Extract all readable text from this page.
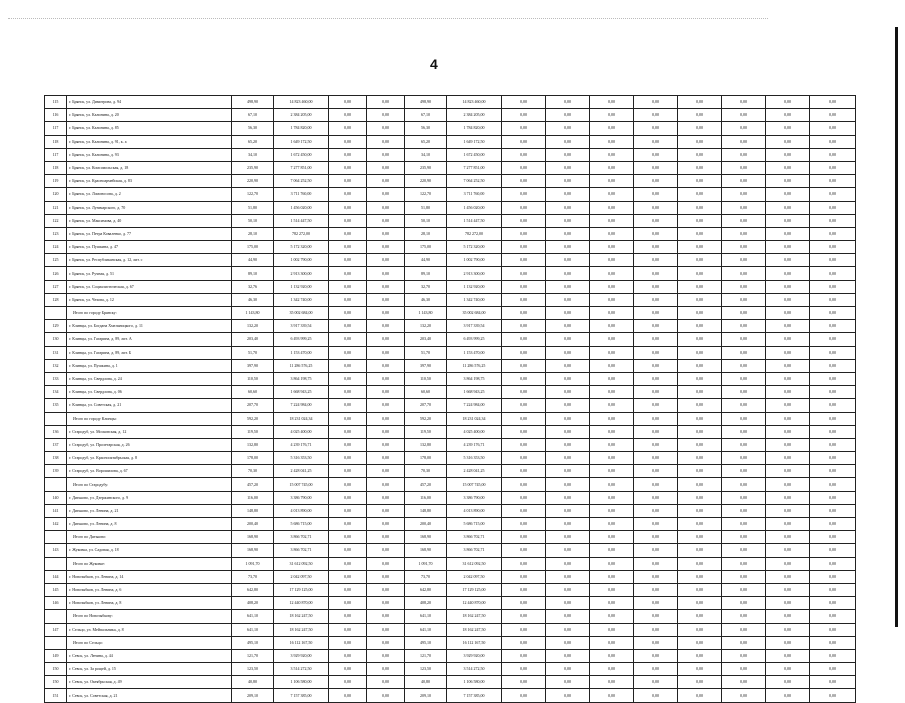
4
115	г. Брянск, ул. Димитрова, д. 94	498,90	14 823 460,00	0,00	0,00	498,90	14 823 460,00	0,00	0,00	0,00	0,00	0,00	0,00	0,00	0,00
116	г. Брянск, ул. Калинина, д. 20	67,10	2 384 205,00	0,00	0,00	67,10	2 384 205,00	0,00	0,00	0,00	0,00	0,00	0,00	0,00	0,00
117	г. Брянск, ул. Калинина, д. 85	56,30	1 784 820,00	0,00	0,00	56,30	1 784 820,00	0,00	0,00	0,00	0,00	0,00	0,00	0,00	0,00
118	г. Брянск, ул. Калинина, д. 91, к. а	65,20	1 649 172,50	0,00	0,00	65,20	1 649 172,50	0,00	0,00	0,00	0,00	0,00	0,00	0,00	0,00
117	г. Брянск, ул. Калинина, д. 93	34,10	1 672 450,00	0,00	0,00	34,10	1 672 450,00	0,00	0,00	0,00	0,00	0,00	0,00	0,00	0,00
118	г. Брянск, ул. Комсомольская, д. 18	235,90	7 277 851,00	0,00	0,00	235,90	7 277 851,00	0,00	0,00	0,00	0,00	0,00	0,00	0,00	0,00
119	г. Брянск, ул. Красноармейская, д. 83	220,90	7 064 252,50	0,00	0,00	220,90	7 064 252,50	0,00	0,00	0,00	0,00	0,00	0,00	0,00	0,00
120	г. Брянск, ул. Ломоносова, д. 2	122,70	3 711 760,00	0,00	0,00	122,70	3 711 760,00	0,00	0,00	0,00	0,00	0,00	0,00	0,00	0,00
121	г. Брянск, ул. Луначарского, д. 70	51,80	1 456 020,00	0,00	0,00	51,80	1 456 020,00	0,00	0,00	0,00	0,00	0,00	0,00	0,00	0,00
122	г. Брянск, ул. Максимова, д. 40	50,10	1 514 447,50	0,00	0,00	50,10	1 514 447,50	0,00	0,00	0,00	0,00	0,00	0,00	0,00	0,00
123	г. Брянск, ул. Петра Коваленко, д. 77	28,10	782 272,00	0,00	0,00	28,10	782 272,00	0,00	0,00	0,00	0,00	0,00	0,00	0,00	0,00
124	г. Брянск, ул. Пушкина, д. 47	175,00	5 172 320,00	0,00	0,00	175,00	5 172 320,00	0,00	0,00	0,00	0,00	0,00	0,00	0,00	0,00
125	г. Брянск, ул. Республиканская, д. 12, лит. с	44,90	1 002 790,00	0,00	0,00	44,90	1 002 790,00	0,00	0,00	0,00	0,00	0,00	0,00	0,00	0,00
126	г. Брянск, ул. Ручная, д. 51	89,10	2 913 300,00	0,00	0,00	89,10	2 913 300,00	0,00	0,00	0,00	0,00	0,00	0,00	0,00	0,00
127	г. Брянск, ул. Социалистическая, д. 67	32,76	1 132 920,00	0,00	0,00	32,70	1 132 920,00	0,00	0,00	0,00	0,00	0,00	0,00	0,00	0,00
128	г. Брянск, ул. Чехова, д. 12	46,30	1 342 740,00	0,00	0,00	46,30	1 342 740,00	0,00	0,00	0,00	0,00	0,00	0,00	0,00	0,00
	Итого по городу Брянску:	1 143,80	35 002 684,00	0,00	0,00	1 143,80	35 002 684,00	0,00	0,00	0,00	0,00	0,00	0,00	0,00	0,00
129	г. Клинцы, ул. Богдана Хмельницкого, д. 11	132,20	3 917 339,54	0,00	0,00	132,20	3 917 339,54	0,00	0,00	0,00	0,00	0,00	0,00	0,00	0,00
130	г. Клинцы, ул. Гагарина, д. 89, лит. А	203,40	6 493 999,25	0,00	0,00	203,40	6 493 999,25	0,00	0,00	0,00	0,00	0,00	0,00	0,00	0,00
131	г. Клинцы, ул. Гагарина, д. 89, лит. Б	51,70	1 153 470,00	0,00	0,00	51,70	1 153 470,00	0,00	0,00	0,00	0,00	0,00	0,00	0,00	0,00
132	г. Клинцы, ул. Пушкина, д. 1	397,90	11 286 576,25	0,00	0,00	397,90	11 286 576,25	0,00	0,00	0,00	0,00	0,00	0,00	0,00	0,00
133	г. Клинцы, ул. Свердлова, д. 24	110,50	3 864 198,75	0,00	0,00	110,50	3 864 198,75	0,00	0,00	0,00	0,00	0,00	0,00	0,00	0,00
134	г. Клинцы, ул. Свердлова, д. 06	60,60	1 668 943,25	0,00	0,00	60,60	1 668 943,25	0,00	0,00	0,00	0,00	0,00	0,00	0,00	0,00
135	г. Клинцы, ул. Советская, д. 21	207,70	7 224 984,00	0,00	0,00	207,70	7 224 984,00	0,00	0,00	0,00	0,00	0,00	0,00	0,00	0,00
	Итого по городу Клинцы:	592,20	18 231 024,34	0,00	0,00	592,20	18 231 024,34	0,00	0,00	0,00	0,00	0,00	0,00	0,00	0,00
136	г. Стародуб, ул. Московская, д. 12	119,50	4 025 400,00	0,00	0,00	119,50	4 025 400,00	0,00	0,00	0,00	0,00	0,00	0,00	0,00	0,00
137	г. Стародуб, ул. Пролетарская, д. 26	132,80	4 239 176,71	0,00	0,00	132,80	4 239 176,71	0,00	0,00	0,00	0,00	0,00	0,00	0,00	0,00
138	г. Стародуб, ул. Краснооктябрьская, д. 8	178,00	5 316 353,50	0,00	0,00	178,00	5 316 353,50	0,00	0,00	0,00	0,00	0,00	0,00	0,00	0,00
139	г. Стародуб, ул. Ворошилова, д. 67	70,30	2 428 041,25	0,00	0,00	70,30	2 428 041,25	0,00	0,00	0,00	0,00	0,00	0,00	0,00	0,00
	Итого по Стародубу:	457,20	15 007 745,00	0,00	0,00	457,20	15 007 745,00	0,00	0,00	0,00	0,00	0,00	0,00	0,00	0,00
140	г. Дятьково, ул. Дзержинского, д. 9	116,00	3 386 790,00	0,00	0,00	116,00	3 386 790,00	0,00	0,00	0,00	0,00	0,00	0,00	0,00	0,00
141	г. Дятьково, ул. Ленина, д. 21	148,80	4 013 890,00	0,00	0,00	148,80	4 013 890,00	0,00	0,00	0,00	0,00	0,00	0,00	0,00	0,00
142	г. Дятьково, ул. Ленина, д. 8	200,40	5 686 715,00	0,00	0,00	200,40	5 686 715,00	0,00	0,00	0,00	0,00	0,00	0,00	0,00	0,00
	Итого по Дятьково:	168,90	3 866 702,71	0,00	0,00	168,90	3 866 702,71	0,00	0,00	0,00	0,00	0,00	0,00	0,00	0,00
143	г. Жуковка, ул. Садовая, д. 18	168,90	3 866 702,71	0,00	0,00	168,90	3 866 702,71	0,00	0,00	0,00	0,00	0,00	0,00	0,00	0,00
	Итого по Жуковке:	1 091,70	31 612 092,50	0,00	0,00	1 091,70	31 612 092,50	0,00	0,00	0,00	0,00	0,00	0,00	0,00	0,00
144	г. Новозыбков, ул. Ленина, д. 14	73,70	2 042 097,50	0,00	0,00	73,70	2 042 097,50	0,00	0,00	0,00	0,00	0,00	0,00	0,00	0,00
145	г. Новозыбков, ул. Ленина, д. 6	642,80	17 129 125,00	0,00	0,00	642,80	17 129 125,00	0,00	0,00	0,00	0,00	0,00	0,00	0,00	0,00
146	г. Новозыбков, ул. Ленина, д. 8	408,20	12 440 870,00	0,00	0,00	408,20	12 440 870,00	0,00	0,00	0,00	0,00	0,00	0,00	0,00	0,00
	Итого по Новозыбкову:	641,10	18 162 247,50	0,00	0,00	641,10	18 162 247,50	0,00	0,00	0,00	0,00	0,00	0,00	0,00	0,00
147	г. Сельцо, ул. Мейпальника, д. 8	641,10	18 162 247,50	0,00	0,00	641,10	18 162 247,50	0,00	0,00	0,00	0,00	0,00	0,00	0,00	0,00
	Итого по Сельцо:	495,10	16 112 167,50	0,00	0,00	495,10	16 112 167,50	0,00	0,00	0,00	0,00	0,00	0,00	0,00	0,00
149	г. Севск, ул. Ленина, д. 44	121,70	3 929 920,00	0,00	0,00	121,70	3 929 920,00	0,00	0,00	0,00	0,00	0,00	0,00	0,00	0,00
150	г. Севск, ул. За рощей, д. 15	123,50	3 514 272,50	0,00	0,00	123,50	3 514 272,50	0,00	0,00	0,00	0,00	0,00	0,00	0,00	0,00
150	г. Севск, ул. Октябрьская, д. 49	40,80	1 106 580,00	0,00	0,00	40,80	1 106 580,00	0,00	0,00	0,00	0,00	0,00	0,00	0,00	0,00
151	г. Севск, ул. Советская, д. 21	209,10	7 157 385,00	0,00	0,00	209,10	7 157 385,00	0,00	0,00	0,00	0,00	0,00	0,00	0,00	0,00
